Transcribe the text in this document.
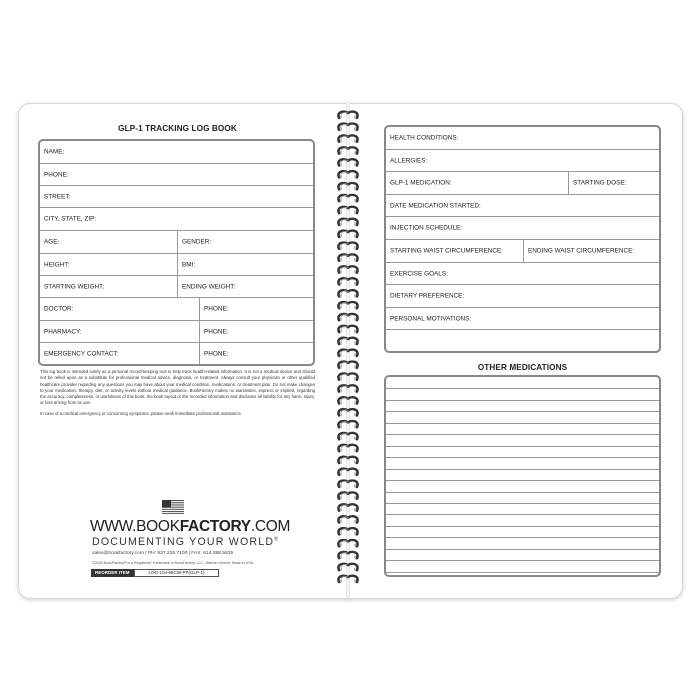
GLP-1 TRACKING LOG BOOK
NAME:
PHONE:
STREET:
CITY, STATE, ZIP:
AGE:	GENDER:
HEIGHT:	BMI:
STARTING WEIGHT:	ENDING WEIGHT:
DOCTOR:	PHONE:
PHARMACY:	PHONE:
EMERGENCY CONTACT:	PHONE:

This log book is intended solely as a personal record-keeping tool to help track health-related information. It is not a medical device and should not be relied upon as a substitute for professional medical advice, diagnosis, or treatment. Always consult your physician or other qualified healthcare provider regarding any questions you may have about your medical condition, medications, or treatment plan. Do not make changes to your medication, therapy, diet, or activity levels without medical guidance. BookFactory makes no warranties, express or implied, regarding the accuracy, completeness, or usefulness of this book, the book layout or the recorded information and disclaims all liability for any harm, injury, or loss arising from its use.

In case of a medical emergency or concerning symptoms, please seek immediate professional assistance.

WWW.BOOKFACTORY.COM
DOCUMENTING YOUR WORLD®
sales@bookfactory.com | PH: 937.226.7100 | FAX: 614.388.5635
©2025 BookFactory® is a Registered Trademark of BookFactory, LLC. Veteran Owned. Made in USA.
REORDER ITEM	LOG-104-68CW-PP(GLP-1)
HEALTH CONDITIONS:
ALLERGIES:
GLP-1 MEDICATION:	STARTING DOSE:
DATE MEDICATION STARTED:
INJECTION SCHEDULE:
STARTING WAIST CIRCUMFERENCE:	ENDING WAIST CIRCUMFERENCE:
EXERCISE GOALS:
DIETARY PREFERENCE:
PERSONAL MOTIVATIONS:
OTHER MEDICATIONS
